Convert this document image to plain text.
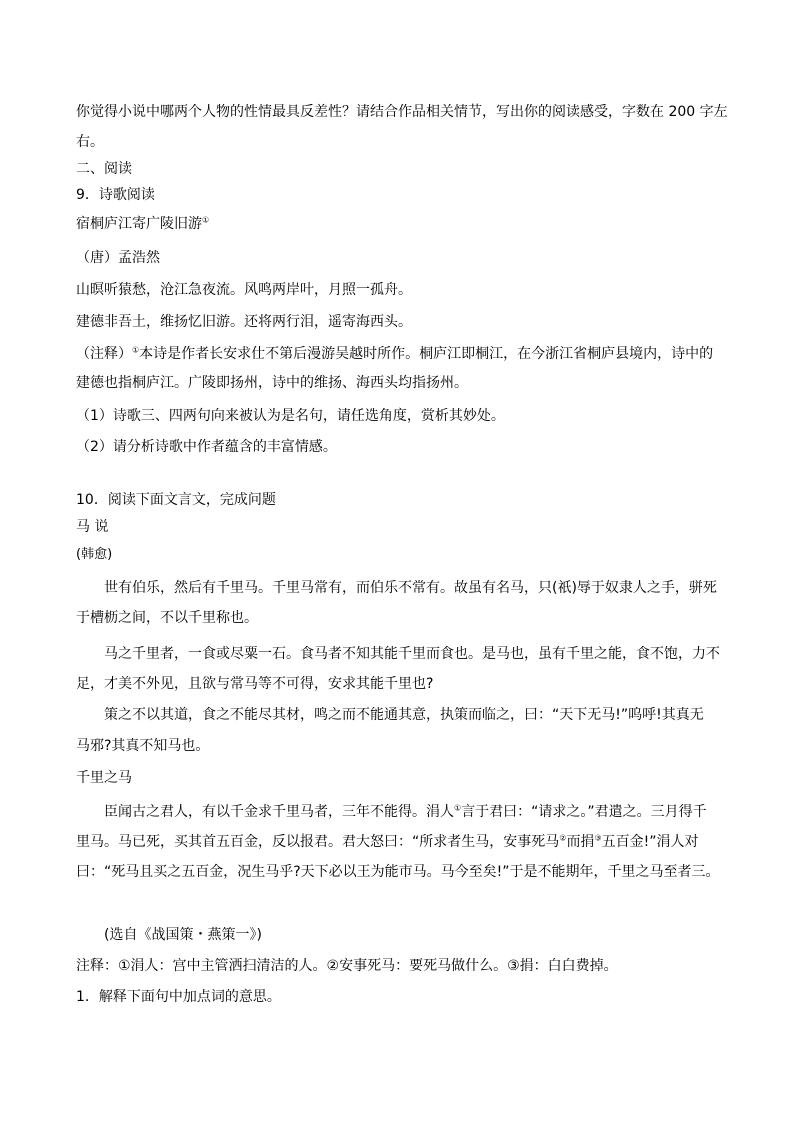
你觉得小说中哪两个人物的性情最具反差性？请结合作品相关情节，写出你的阅读感受，字数在 200 字左

右。

二、阅读

9．诗歌阅读

宿桐庐江寄广陵旧游①

（唐）孟浩然

山暝听猿愁，沧江急夜流。风鸣两岸叶，月照一孤舟。

建德非吾土，维扬忆旧游。还将两行泪，遥寄海西头。

（注释）①本诗是作者长安求仕不第后漫游吴越时所作。桐庐江即桐江，在今浙江省桐庐县境内，诗中的

建德也指桐庐江。广陵即扬州，诗中的维扬、海西头均指扬州。

（1）诗歌三、四两句向来被认为是名句，请任选角度，赏析其妙处。

（2）请分析诗歌中作者蕴含的丰富情感。

10．阅读下面文言文，完成问题

马 说

(韩愈)

世有伯乐，然后有千里马。千里马常有，而伯乐不常有。故虽有名马，只(祇)辱于奴隶人之手，骈死

于槽枥之间，不以千里称也。

马之千里者，一食或尽粟一石。食马者不知其能千里而食也。是马也，虽有千里之能，食不饱，力不

足，才美不外见，且欲与常马等不可得，安求其能千里也?

策之不以其道，食之不能尽其材，鸣之而不能通其意，执策而临之，曰：“天下无马!”呜呼!其真无

马邪?其真不知马也。

千里之马

臣闻古之君人，有以千金求千里马者，三年不能得。涓人①言于君曰：“请求之。”君遣之。三月得千

里马。马已死，买其首五百金，反以报君。君大怒曰：“所求者生马，安事死马②而捐③五百金!”涓人对

曰：“死马且买之五百金，况生马乎?天下必以王为能市马。马今至矣!”于是不能期年，千里之马至者三。

(选自《战国策・燕策一》)

注释：①涓人：宫中主管洒扫清洁的人。②安事死马：要死马做什么。③捐：白白费掉。

1．解释下面句中加点词的意思。
